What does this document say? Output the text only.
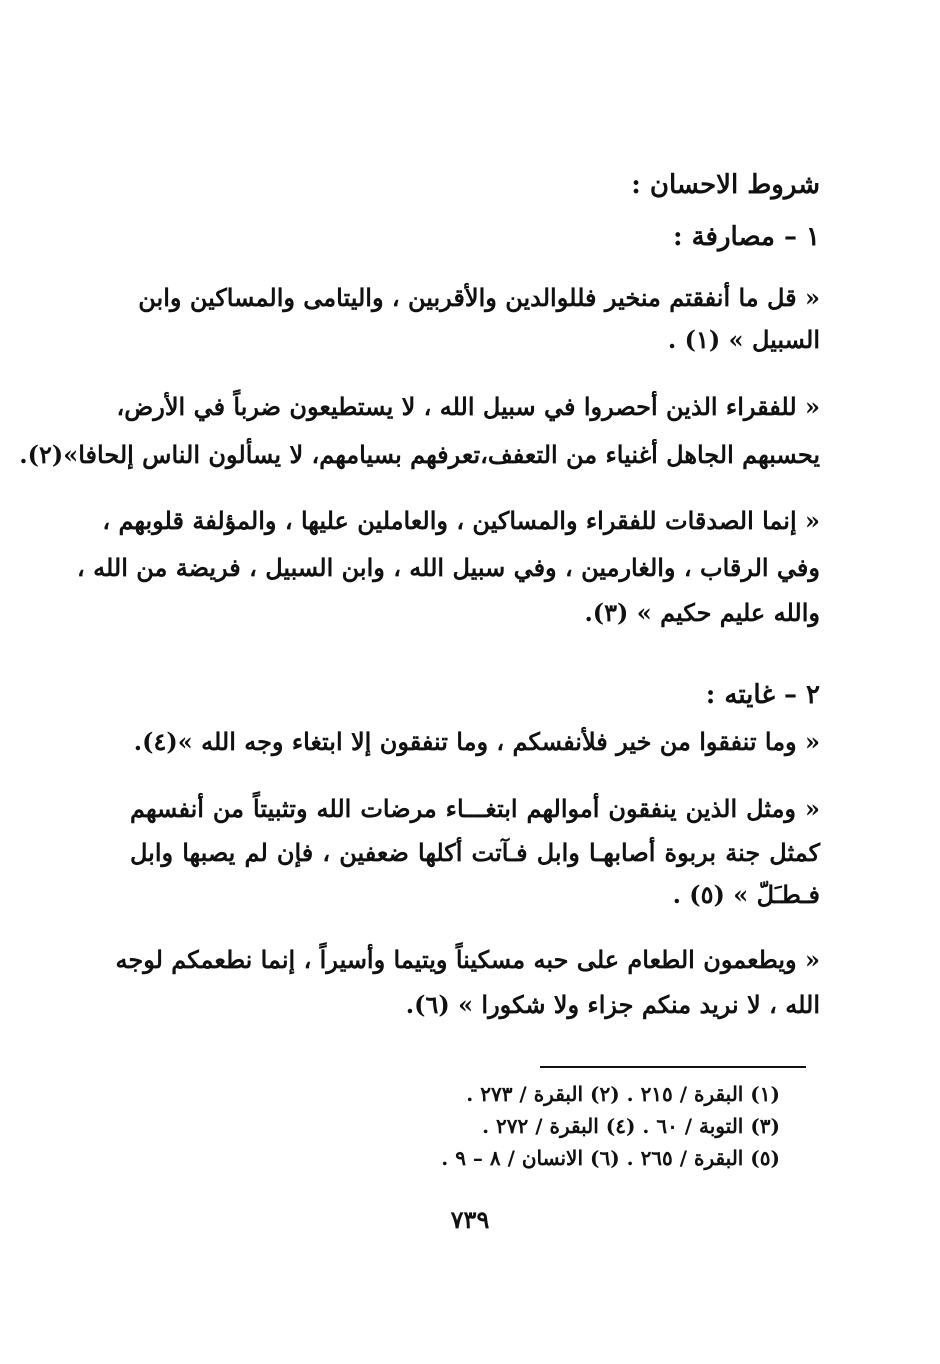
شروط الاحسان :
١ – مصارفة :
« قل ما أنفقتم منخير فللوالدين والأقربين ، واليتامى والمساكين وابن
السبيل » (١) .
« للفقراء الذين أحصروا في سبيل الله ، لا يستطيعون ضرباً في الأرض،
يحسبهم الجاهل أغنياء من التعفف،تعرفهم بسيامهم، لا يسألون الناس إلحافا»(٢).
« إنما الصدقات للفقراء والمساكين ، والعاملين عليها ، والمؤلفة قلوبهم ،
وفي الرقاب ، والغارمين ، وفي سبيل الله ، وابن السبيل ، فريضة من الله ،
والله عليم حكيم » (٣).
٢ – غايته :
« وما تنفقوا من خير فلأنفسكم ، وما تنفقون إلا ابتغاء وجه الله »(٤).
« ومثل الذين ينفقون أموالهم ابتغـــاء مرضات الله وتثبيتاً من أنفسهم
كمثل جنة بربوة أصابهـا وابل فـآتت أكلها ضعفين ، فإن لم يصبها وابل
فـطـَلّ » (٥) .
« ويطعمون الطعام على حبه مسكيناً ويتيما وأسيراً ، إنما نطعمكم لوجه
الله ، لا نريد منكم جزاء ولا شكورا » (٦).
(١) البقرة / ٢١٥ . (٢) البقرة / ٢٧٣ .
(٣) التوبة / ٦٠ . (٤) البقرة / ٢٧٢ .
(٥) البقرة / ٢٦٥ . (٦) الانسان / ٨ – ٩ .
٧٣٩
